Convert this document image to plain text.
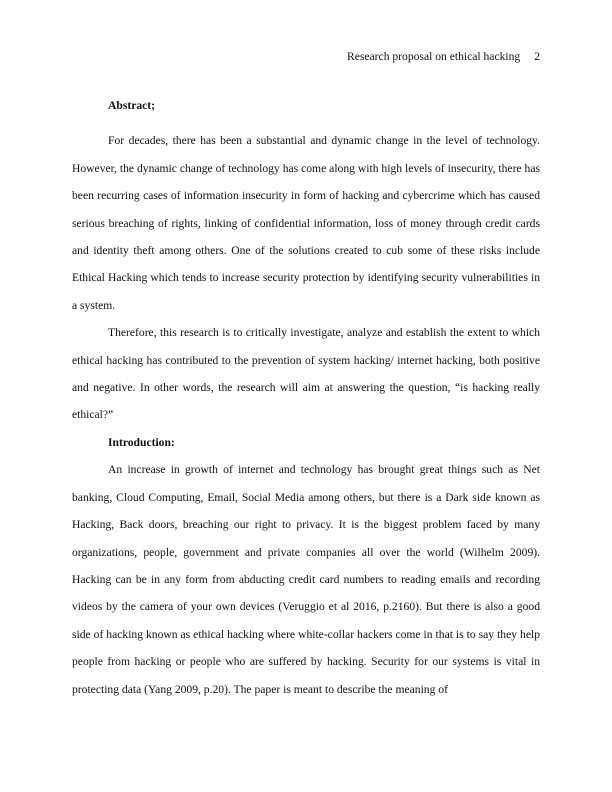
Research proposal on ethical hacking 2

Abstract;

For decades, there has been a substantial and dynamic change in the level of technology. However, the dynamic change of technology has come along with high levels of insecurity, there has been recurring cases of information insecurity in form of hacking and cybercrime which has caused serious breaching of rights, linking of confidential information, loss of money through credit cards and identity theft among others. One of the solutions created to cub some of these risks include Ethical Hacking which tends to increase security protection by identifying security vulnerabilities in a system.

Therefore, this research is to critically investigate, analyze and establish the extent to which ethical hacking has contributed to the prevention of system hacking/ internet hacking, both positive and negative. In other words, the research will aim at answering the question, “is hacking really ethical?”

Introduction:

An increase in growth of internet and technology has brought great things such as Net banking, Cloud Computing, Email, Social Media among others, but there is a Dark side known as Hacking, Back doors, breaching our right to privacy. It is the biggest problem faced by many organizations, people, government and private companies all over the world (Wilhelm 2009). Hacking can be in any form from abducting credit card numbers to reading emails and recording videos by the camera of your own devices (Veruggio et al 2016, p.2160). But there is also a good side of hacking known as ethical hacking where white-collar hackers come in that is to say they help people from hacking or people who are suffered by hacking. Security for our systems is vital in protecting data (Yang 2009, p.20). The paper is meant to describe the meaning of
